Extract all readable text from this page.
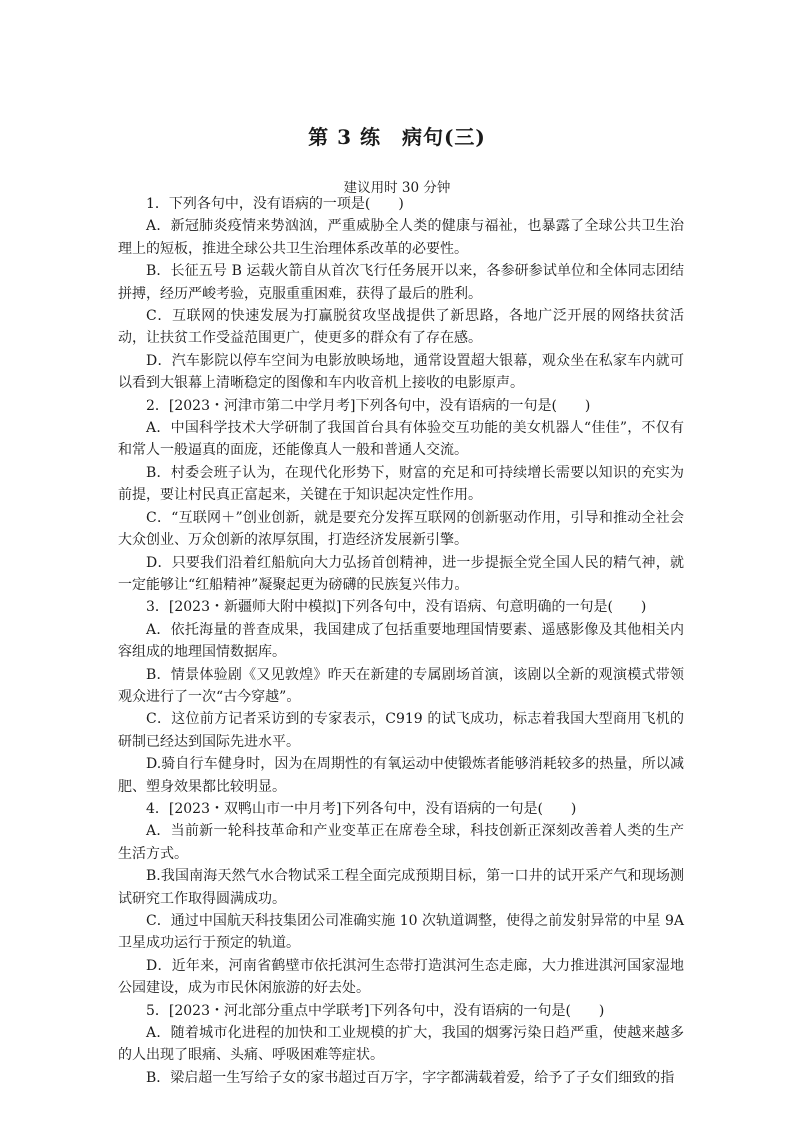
第 3 练　病句(三)
建议用时 30 分钟

1．下列各句中，没有语病的一项是(　　)

A．新冠肺炎疫情来势汹汹，严重威胁全人类的健康与福祉，也暴露了全球公共卫生治理上的短板，推进全球公共卫生治理体系改革的必要性。

B．长征五号 B 运载火箭自从首次飞行任务展开以来，各参研参试单位和全体同志团结拼搏，经历严峻考验，克服重重困难，获得了最后的胜利。

C．互联网的快速发展为打赢脱贫攻坚战提供了新思路，各地广泛开展的网络扶贫活动，让扶贫工作受益范围更广，使更多的群众有了存在感。

D．汽车影院以停车空间为电影放映场地，通常设置超大银幕，观众坐在私家车内就可以看到大银幕上清晰稳定的图像和车内收音机上接收的电影原声。

2．[2023・河津市第二中学月考]下列各句中，没有语病的一句是(　　)

A．中国科学技术大学研制了我国首台具有体验交互功能的美女机器人“佳佳”，不仅有和常人一般逼真的面庞，还能像真人一般和普通人交流。

B．村委会班子认为，在现代化形势下，财富的充足和可持续增长需要以知识的充实为前提，要让村民真正富起来，关键在于知识起决定性作用。

C．“互联网＋”创业创新，就是要充分发挥互联网的创新驱动作用，引导和推动全社会大众创业、万众创新的浓厚氛围，打造经济发展新引擎。

D．只要我们沿着红船航向大力弘扬首创精神，进一步提振全党全国人民的精气神，就一定能够让“红船精神”凝聚起更为磅礴的民族复兴伟力。

3．[2023・新疆师大附中模拟]下列各句中，没有语病、句意明确的一句是(　　)

A．依托海量的普查成果，我国建成了包括重要地理国情要素、遥感影像及其他相关内容组成的地理国情数据库。

B．情景体验剧《又见敦煌》昨天在新建的专属剧场首演，该剧以全新的观演模式带领观众进行了一次“古今穿越”。

C．这位前方记者采访到的专家表示，C919 的试飞成功，标志着我国大型商用飞机的研制已经达到国际先进水平。

D.骑自行车健身时，因为在周期性的有氧运动中使锻炼者能够消耗较多的热量，所以减肥、塑身效果都比较明显。

4．[2023・双鸭山市一中月考]下列各句中，没有语病的一句是(　　)

A．当前新一轮科技革命和产业变革正在席卷全球，科技创新正深刻改善着人类的生产生活方式。

B.我国南海天然气水合物试采工程全面完成预期目标，第一口井的试开采产气和现场测试研究工作取得圆满成功。

C．通过中国航天科技集团公司准确实施 10 次轨道调整，使得之前发射异常的中星 9A 卫星成功运行于预定的轨道。

D．近年来，河南省鹤壁市依托淇河生态带打造淇河生态走廊，大力推进淇河国家湿地公园建设，成为市民休闲旅游的好去处。

5．[2023・河北部分重点中学联考]下列各句中，没有语病的一句是(　　)

A．随着城市化进程的加快和工业规模的扩大，我国的烟雾污染日趋严重，使越来越多的人出现了眼痛、头痛、呼吸困难等症状。

B．梁启超一生写给子女的家书超过百万字，字字都满载着爱，给予了子女们细致的指
